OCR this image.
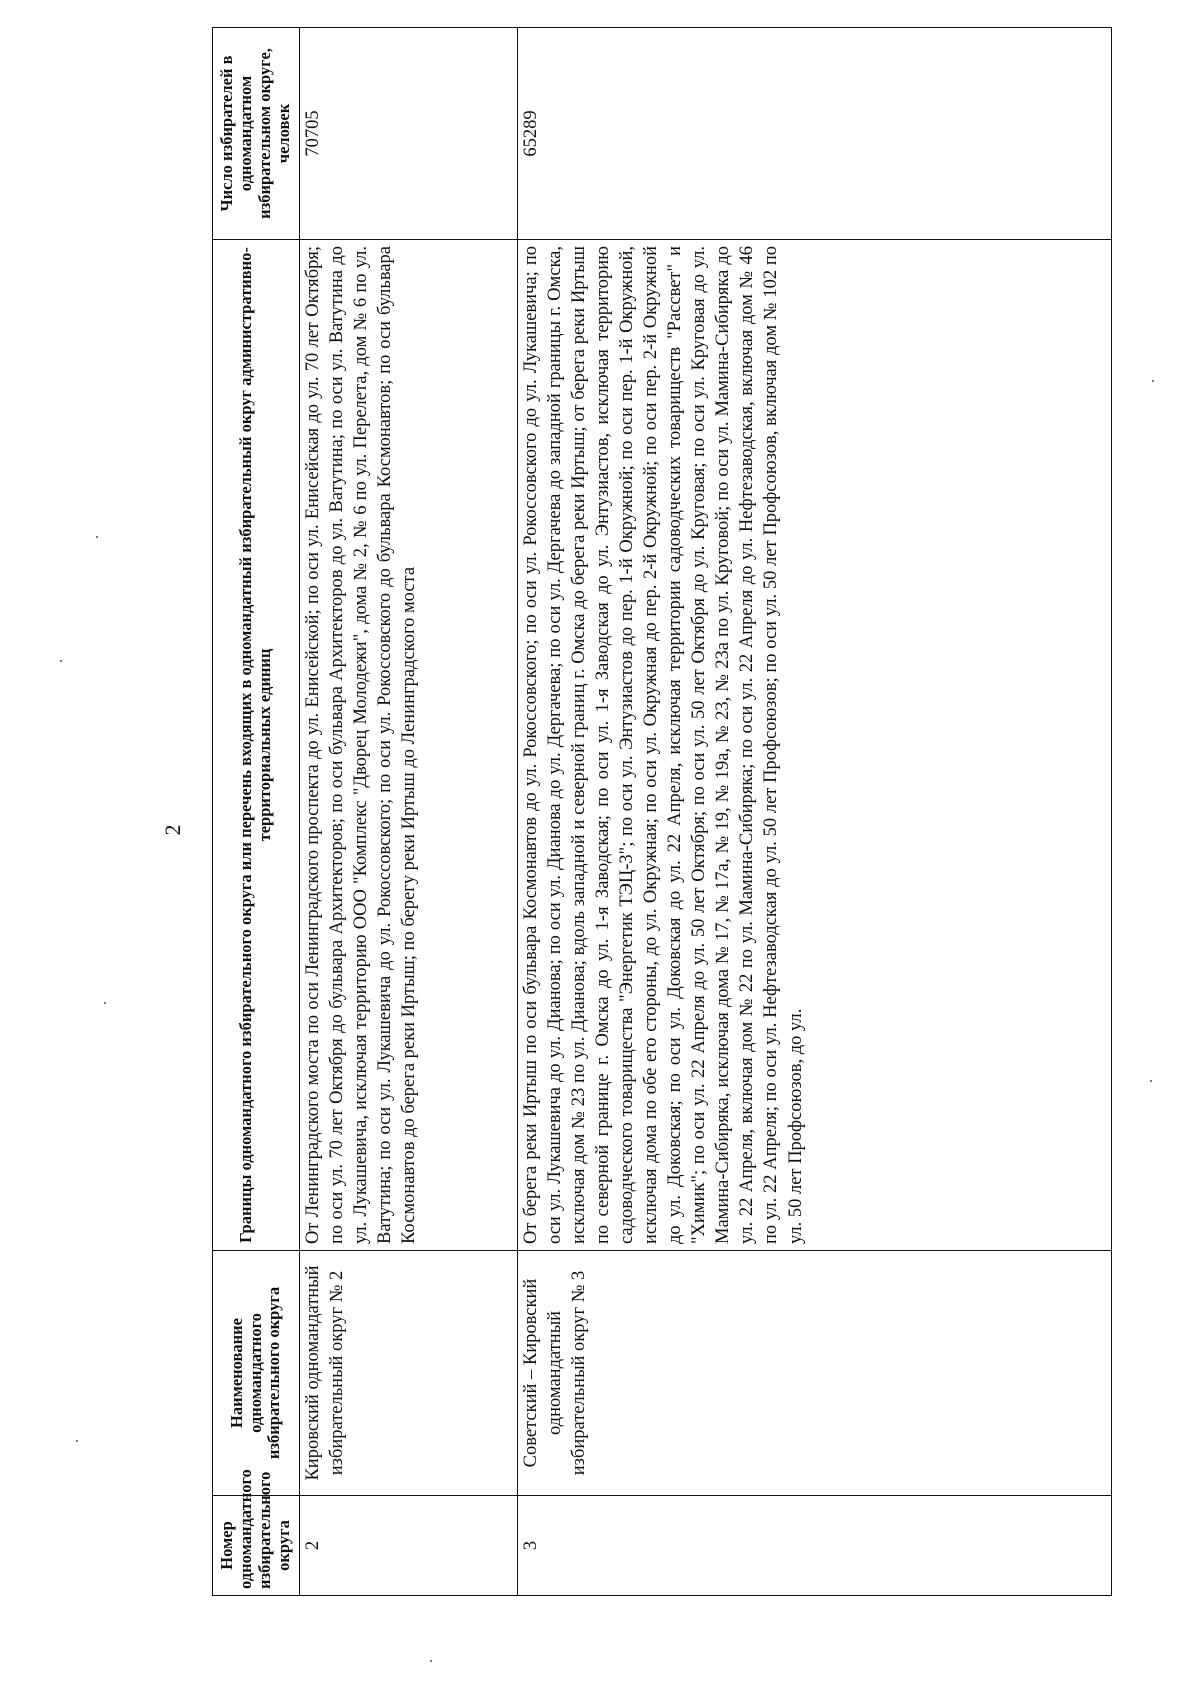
2
Номер одномандатного избирательного округа	Наименование одномандатного избирательного округа	Границы одномандатного избирательного округа или перечень входящих в одномандатный избирательный округ административно-территориальных единиц	Число избирателей в одномандатном избирательном округе, человек
2	Кировский одномандатный избирательный округ № 2	От Ленинградского моста по оси Ленинградского проспекта до ул. Енисейской; по оси ул. Енисейская до ул. 70 лет Октября; по оси ул. 70 лет Октября до бульвара Архитекторов; по оси бульвара Архитекторов до ул. Ватутина; по оси ул. Ватутина до ул. Лукашевича, исключая территорию ООО "Комплекс "Дворец Молодежи", дома № 2, № 6 по ул. Перелета, дом № 6 по ул. Ватутина; по оси ул. Лукашевича до ул. Рокоссовского; по оси ул. Рокоссовского до бульвара Космонавтов; по оси бульвара Космонавтов до берега реки Иртыш; по берегу реки Иртыш до Ленинградского моста	70705
3	Советский – Кировский одномандатный избирательный округ № 3	От берега реки Иртыш по оси бульвара Космонавтов до ул. Рокоссовского; по оси ул. Рокоссовского до ул. Лукашевича; по оси ул. Лукашевича до ул. Дианова; по оси ул. Дианова до ул. Дергачева; по оси ул. Дергачева до западной границы г. Омска, исключая дом № 23 по ул. Дианова; вдоль западной и северной границ г. Омска до берега реки Иртыш; от берега реки Иртыш по северной границе г. Омска до ул. 1-я Заводская; по оси ул. 1-я Заводская до ул. Энтузиастов, исключая территорию садоводческого товарищества "Энергетик ТЭЦ-3"; по оси ул. Энтузиастов до пер. 1-й Окружной; по оси пер. 1-й Окружной, исключая дома по обе его стороны, до ул. Окружная; по оси ул. Окружная до пер. 2-й Окружной; по оси пер. 2-й Окружной до ул. Доковская; по оси ул. Доковская до ул. 22 Апреля, исключая территории садоводческих товариществ "Рассвет" и "Химик"; по оси ул. 22 Апреля до ул. 50 лет Октября; по оси ул. 50 лет Октября до ул. Круговая; по оси ул. Круговая до ул. Мамина-Сибиряка, исключая дома № 17, № 17а, № 19, № 19а, № 23, № 23а по ул. Круговой; по оси ул. Мамина-Сибиряка до ул. 22 Апреля, включая дом № 22 по ул. Мамина-Сибиряка; по оси ул. 22 Апреля до ул. Нефтезаводская, включая дом № 46 по ул. 22 Апреля; по оси ул. Нефтезаводская до ул. 50 лет Профсоюзов; по оси ул. 50 лет Профсоюзов, включая дом № 102 по ул. 50 лет Профсоюзов, до ул.	65289
